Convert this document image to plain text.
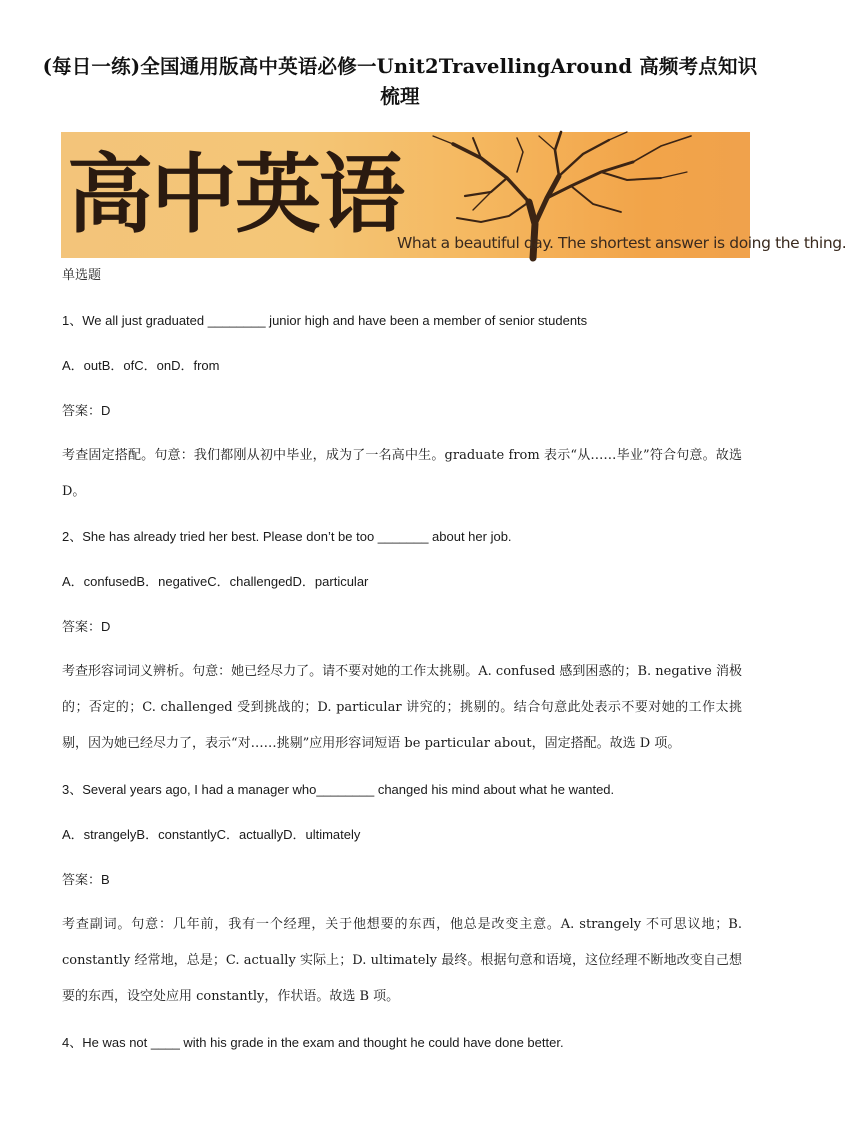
(每日一练)全国通用版高中英语必修一Unit2TravellingAround 高频考点知识梳理
高中英语
What a beautiful day. The shortest answer is doing the thing.
单选题
1、We all just graduated ________ junior high and have been a member of senior students
A．outB．ofC．onD．from
答案：D
考查固定搭配。句意：我们都刚从初中毕业，成为了一名高中生。graduate from 表示“从……毕业”符合句意。故选 D。
2、She has already tried her best. Please don’t be too _______ about her job.
A．confusedB．negativeC．challengedD．particular
答案：D
考查形容词词义辨析。句意：她已经尽力了。请不要对她的工作太挑剔。A. confused 感到困惑的；B. negative 消极的；否定的；C. challenged 受到挑战的；D. particular 讲究的；挑剔的。结合句意此处表示不要对她的工作太挑剔，因为她已经尽力了，表示“对……挑剔”应用形容词短语 be particular about，固定搭配。故选 D 项。
3、Several years ago, I had a manager who________ changed his mind about what he wanted.
A．strangelyB．constantlyC．actuallyD．ultimately
答案：B
考查副词。句意：几年前，我有一个经理，关于他想要的东西，他总是改变主意。A. strangely 不可思议地；B. constantly 经常地，总是；C. actually 实际上；D. ultimately 最终。根据句意和语境，这位经理不断地改变自己想要的东西，设空处应用 constantly，作状语。故选 B 项。
4、He was not ____ with his grade in the exam and thought he could have done better.
